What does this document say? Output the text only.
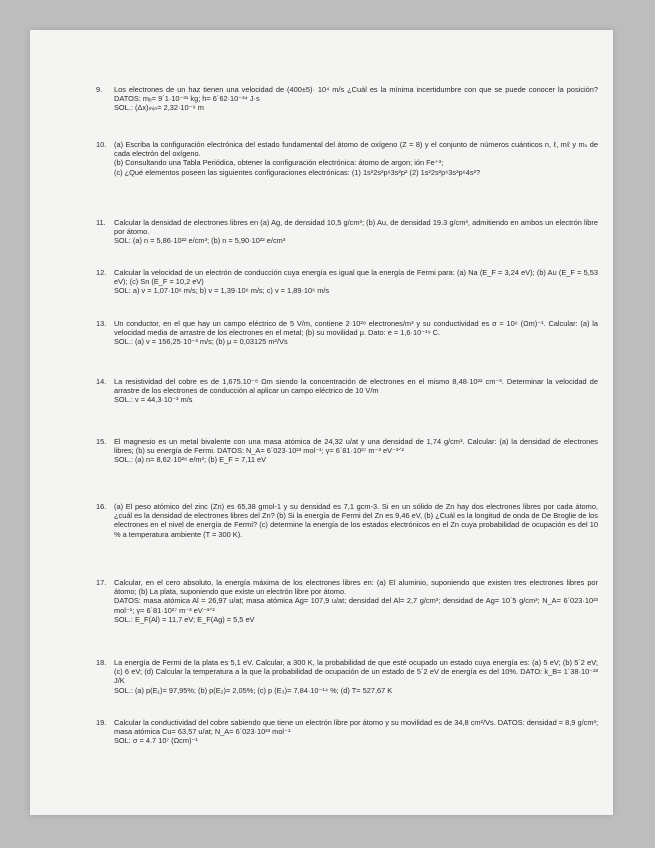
9. Los electrones de un haz tienen una velocidad de (400±5)· 10⁴ m/s ¿Cuál es la mínima incertidumbre con que se puede conocer la posición? DATOS: mₑ= 9´1·10⁻³¹ kg; h= 6´62·10⁻³⁴ J·s

SOL.: (Δx)ₘᵢₙ= 2,32·10⁻⁹ m

10. (a) Escriba la configuración electrónica del estado fundamental del átomo de oxígeno (Z = 8) y el conjunto de números cuánticos n, ℓ, mℓ y mₛ de cada electrón del oxígeno.

(b) Consultando una Tabla Periódica, obtener la configuración electrónica: átomo de argon; ión Fe⁺³;

(c) ¿Qué elementos poseen las siguientes configuraciones electrónicas: (1) 1s²2s²p⁶3s²p² (2) 1s²2s²p⁶3s²p⁶4s²?

11. Calcular la densidad de electrones libres en (a) Ag, de densidad 10,5 g/cm³; (b) Au, de densidad 19.3 g/cm³, admitiendo en ambos un electrón libre por átomo.

SOL: (a) n = 5,86·10²² e/cm³; (b) n = 5,90·10²² e/cm³

12. Calcular la velocidad de un electrón de conducción cuya energía es igual que la energía de Fermi para: (a) Na (E_F = 3,24 eV); (b) Au (E_F = 5,53 eV); (c) Sn (E_F = 10,2 eV)

SOL: a) v = 1,07·10⁶ m/s; b) v = 1,39·10⁶ m/s; c) v = 1,89·10⁶ m/s

13. Un conductor, en el que hay un campo eléctrico de 5 V/m, contiene 2·10²⁸ electrones/m³ y su conductividad es σ = 10⁶ (Ωm)⁻¹. Calcular: (a) la velocidad media de arrastre de los electrones en el metal; (b) su movilidad μ. Dato: e = 1,6·10⁻¹⁹ C.

SOL.: (a) v = 156,25·10⁻³ m/s; (b) μ = 0,03125 m²/Vs

14. La resistividad del cobre es de 1,675.10⁻⁸ Ωm siendo la concentración de electrones en el mismo 8,48·10²² cm⁻³. Determinar la velocidad de arrastre de los electrones de conducción al aplicar un campo eléctrico de 10 V/m

SOL.: v = 44,3·10⁻³ m/s

15. El magnesio es un metal bivalente con una masa atómica de 24,32 u/at y una densidad de 1,74 g/cm³. Calcular: (a) la densidad de electrones libres; (b) su energía de Fermi. DATOS: N_A= 6´023·10²³ mol⁻¹; γ= 6´81·10²⁷ m⁻³ eV⁻³ᐟ²

SOL.: (a) n= 8,62·10²⁸ e/m³; (b) E_F = 7,11 eV

16. (a) El peso atómico del zinc (Zn) es 65,38 gmol-1 y su densidad es 7,1 gcm-3. Si en un sólido de Zn hay dos electrones libres por cada átomo, ¿cuál es la densidad de electrones libres del Zn? (b) Si la energía de Fermi del Zn es 9,46 eV, (b) ¿Cuál es la longitud de onda de De Broglie de los electrones en el nivel de energía de Fermi? (c) determine la energía de los estados electrónicos en el Zn cuya probabilidad de ocupación es del 10 % a temperatura ambiente (T = 300 K).

17. Calcular, en el cero absoluto, la energía máxima de los electrones libres en: (a) El aluminio, suponiendo que existen tres electrones libres por átomo; (b) La plata, suponiendo que existe un electrón libre por átomo.

DATOS: masa atómica Al = 26,97 u/at; masa atómica Ag= 107,9 u/at; densidad del Al= 2,7 g/cm³; densidad de Ag= 10´5 g/cm³; N_A= 6´023·10²³ mol⁻¹; γ= 6´81·10²⁷ m⁻³ eV⁻³ᐟ²

SOL.: E_F(Al) = 11,7 eV; E_F(Ag) = 5,5 eV

18. La energía de Fermi de la plata es 5,1 eV. Calcular, a 300 K, la probabilidad de que esté ocupado un estado cuya energía es: (a) 5 eV; (b) 5´2 eV; (c) 6 eV; (d) Calcular la temperatura a la que la probabilidad de ocupación de un estado de 5´2 eV de energía es del 10%. DATO: k_B= 1´38·10⁻²³ J/K

SOL.: (a) p(E₁)= 97,95%; (b) p(E₂)= 2,05%; (c) p (E₃)= 7,84·10⁻¹⁴ %; (d) T= 527,67 K

19. Calcular la conductividad del cobre sabiendo que tiene un electrón libre por átomo y su movilidad es de 34,8 cm²/Vs. DATOS: densidad = 8,9 g/cm³; masa atómica Cu= 63,57 u/at; N_A= 6´023·10²³ mol⁻¹

SOL: σ = 4.7 10⁷ (Ωcm)⁻¹
